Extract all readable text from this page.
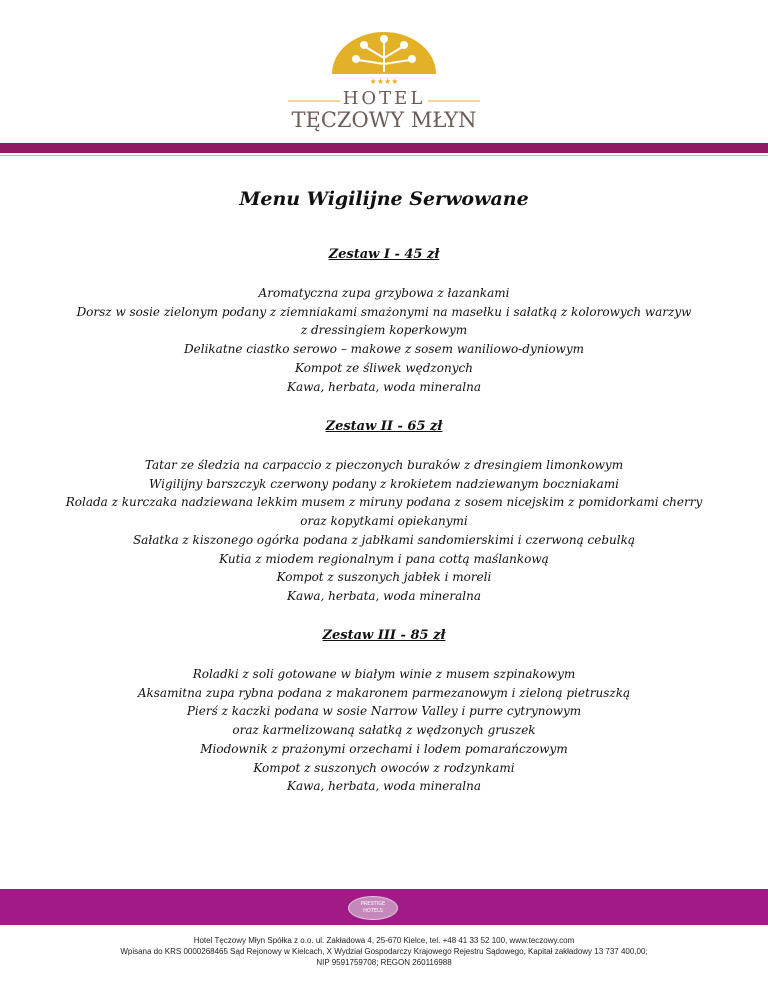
★★★★
HOTEL
TĘCZOWY MŁYN
Menu Wigilijne Serwowane
Zestaw I - 45 zł
Aromatyczna zupa grzybowa z łazankami
Dorsz w sosie zielonym podany z ziemniakami smażonymi na masełku i sałatką z kolorowych warzyw
z dressingiem koperkowym
Delikatne ciastko serowo – makowe z sosem waniliowo-dyniowym
Kompot ze śliwek wędzonych
Kawa, herbata, woda mineralna
Zestaw II - 65 zł
Tatar ze śledzia na carpaccio z pieczonych buraków z dresingiem limonkowym
Wigilijny barszczyk czerwony podany z krokietem nadziewanym boczniakami
Rolada z kurczaka nadziewana lekkim musem z miruny podana z sosem nicejskim z pomidorkami cherry
oraz kopytkami opiekanymi
Sałatka z kiszonego ogórka podana z jabłkami sandomierskimi i czerwoną cebulką
Kutia z miodem regionalnym i pana cottą maślankową
Kompot z suszonych jabłek i moreli
Kawa, herbata, woda mineralna
Zestaw III - 85 zł
Roladki z soli gotowane w białym winie z musem szpinakowym
Aksamitna zupa rybna podana z makaronem parmezanowym i zieloną pietruszką
Pierś z kaczki podana w sosie Narrow Valley i purre cytrynowym
oraz karmelizowaną sałatką z wędzonych gruszek
Miodownik z prażonymi orzechami i lodem pomarańczowym
Kompot z suszonych owoców z rodzynkami
Kawa, herbata, woda mineralna
PRESTIGE
HOTELS
Hotel Tęczowy Młyn Spółka z o.o. ul. Zakładowa 4, 25-670 Kielce, tel. +48 41 33 52 100, www.teczowy.com
Wpisana do KRS 0000268465 Sąd Rejonowy w Kielcach, X Wydział Gospodarczy Krajowego Rejestru Sądowego, Kapitał zakładowy 13 737 400,00;
NIP 9591759708; REGON 260116988
